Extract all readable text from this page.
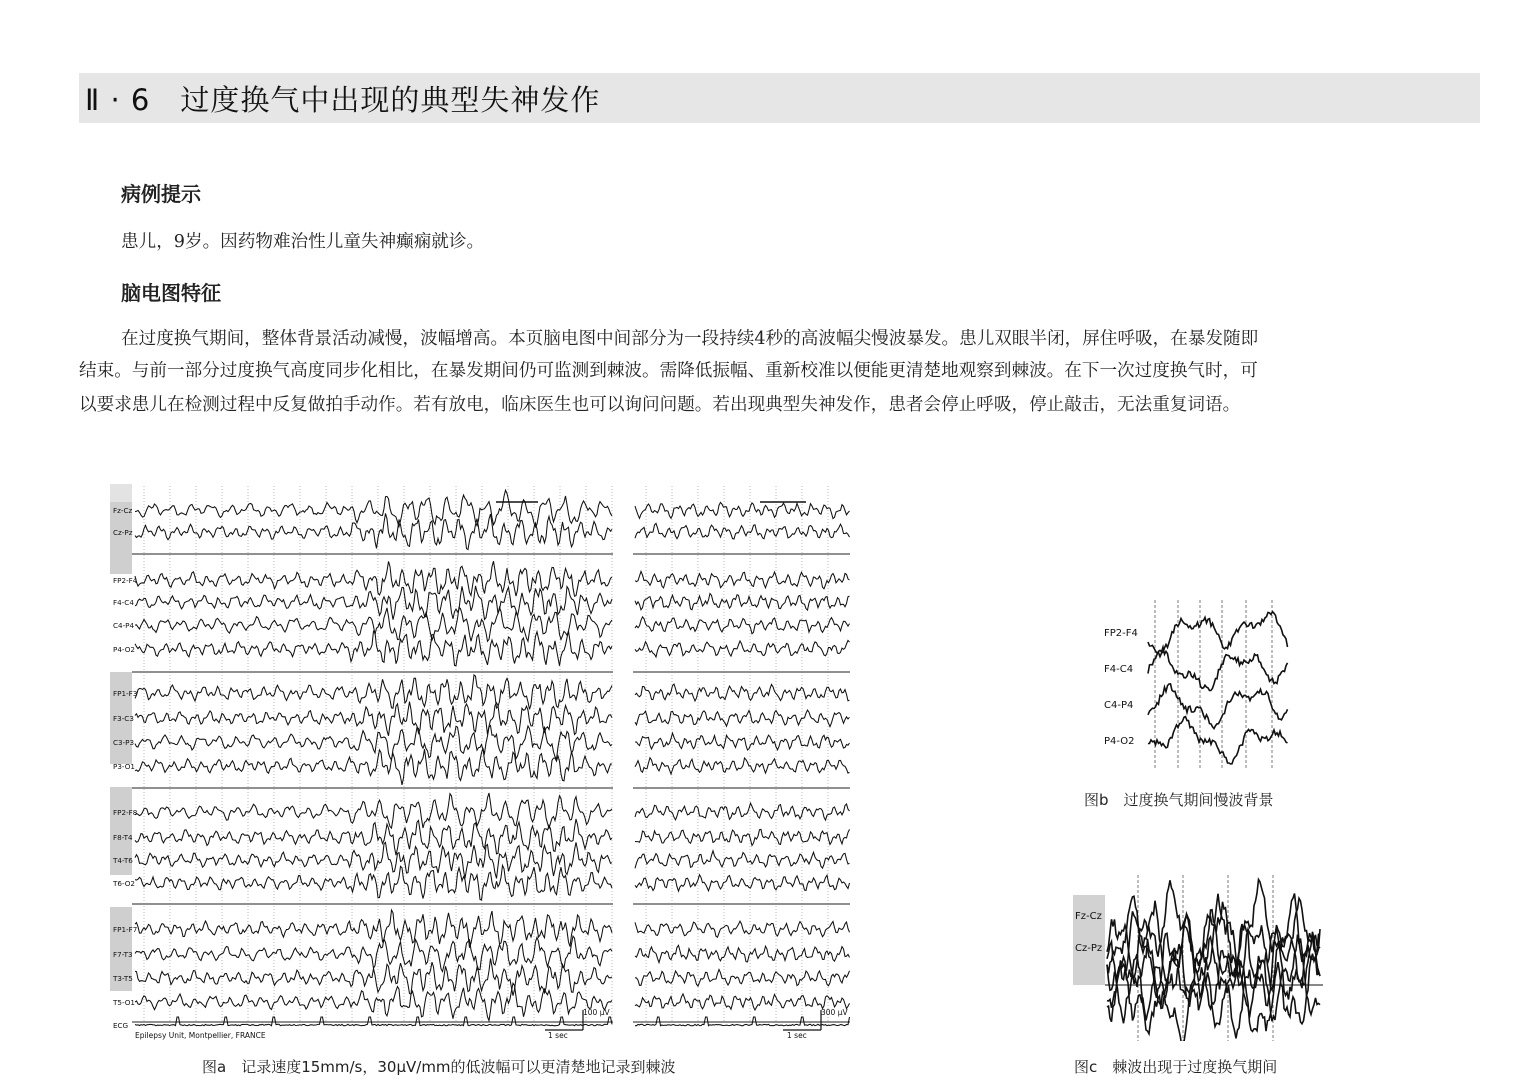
Ⅱ · 6　过度换气中出现的典型失神发作
病例提示
患儿，9岁。因药物难治性儿童失神癫痫就诊。
脑电图特征
在过度换气期间，整体背景活动减慢，波幅增高。本页脑电图中间部分为一段持续4秒的高波幅尖慢波暴发。患儿双眼半闭，屏住呼吸，在暴发随即
结束。与前一部分过度换气高度同步化相比，在暴发期间仍可监测到棘波。需降低振幅、重新校准以便能更清楚地观察到棘波。在下一次过度换气时，可
以要求患儿在检测过程中反复做拍手动作。若有放电，临床医生也可以询问问题。若出现典型失神发作，患者会停止呼吸，停止敲击，无法重复词语。
Fz-Cz
Cz-Pz
FP2-F4
F4-C4
C4-P4
P4-O2
FP1-F3
F3-C3
C3-P3
P3-O1
FP2-F8
F8-T4
T4-T6
T6-O2
FP1-F7
F7-T3
T3-T5
T5-O1
ECG
100 μV	300 μV
1 sec	1 sec
Epilepsy Unit, Montpellier, FRANCE
图a　记录速度15mm/s，30μV/mm的低波幅可以更清楚地记录到棘波
FP2-F4
F4-C4
C4-P4
P4-O2
图b　过度换气期间慢波背景
Fz-Cz
Cz-Pz
图c　棘波出现于过度换气期间
